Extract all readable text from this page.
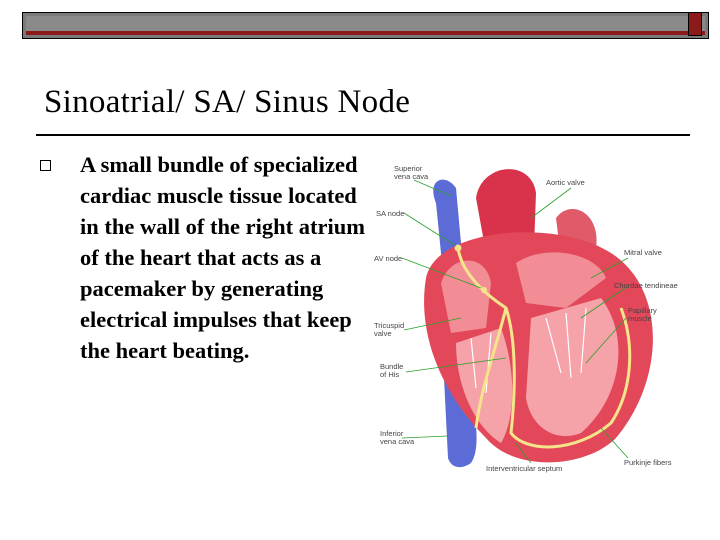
Sinoatrial/ SA/ Sinus Node

A small bundle of specialized cardiac muscle tissue located in the wall of the right atrium of the heart that acts as a pacemaker by generating electrical impulses that keep the heart beating.

Superior vena cava
SA node
AV node
Tricuspid valve
Bundle of His
Inferior vena cava
Aortic valve
Mitral valve
Chordae tendineae
Papillary muscle
Interventricular septum
Purkinje fibers
